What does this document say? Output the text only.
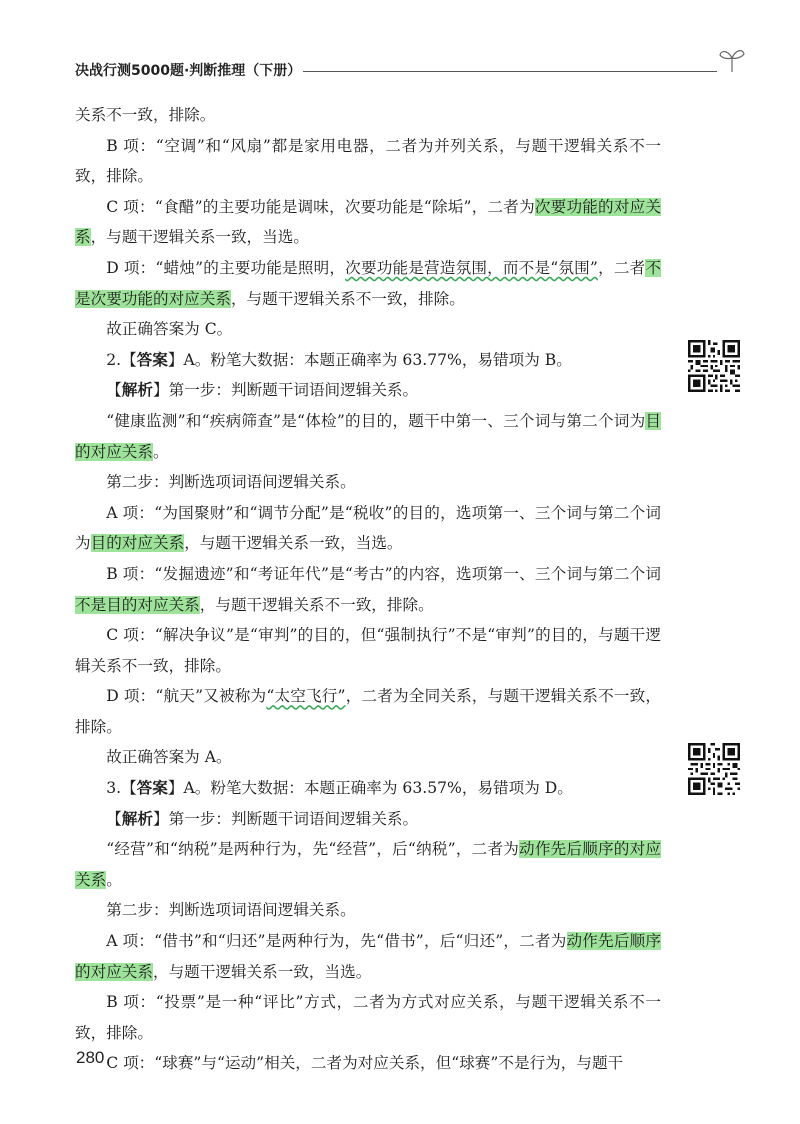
决战行测5000题·判断推理（下册）

关系不一致，排除。

B 项：“空调”和“风扇”都是家用电器，二者为并列关系，与题干逻辑关系不一致，排除。

C 项：“食醋”的主要功能是调味，次要功能是“除垢”，二者为次要功能的对应关系，与题干逻辑关系一致，当选。

D 项：“蜡烛”的主要功能是照明，次要功能是营造氛围，而不是“氛围”，二者不是次要功能的对应关系，与题干逻辑关系不一致，排除。

故正确答案为 C。

2.【答案】A。粉笔大数据：本题正确率为 63.77%，易错项为 B。

【解析】第一步：判断题干词语间逻辑关系。

“健康监测”和“疾病筛查”是“体检”的目的，题干中第一、三个词与第二个词为目的对应关系。

第二步：判断选项词语间逻辑关系。

A 项：“为国聚财”和“调节分配”是“税收”的目的，选项第一、三个词与第二个词为目的对应关系，与题干逻辑关系一致，当选。

B 项：“发掘遗迹”和“考证年代”是“考古”的内容，选项第一、三个词与第二个词不是目的对应关系，与题干逻辑关系不一致，排除。

C 项：“解决争议”是“审判”的目的，但“强制执行”不是“审判”的目的，与题干逻辑关系不一致，排除。

D 项：“航天”又被称为“太空飞行”，二者为全同关系，与题干逻辑关系不一致，排除。

故正确答案为 A。

3.【答案】A。粉笔大数据：本题正确率为 63.57%，易错项为 D。

【解析】第一步：判断题干词语间逻辑关系。

“经营”和“纳税”是两种行为，先“经营”，后“纳税”，二者为动作先后顺序的对应关系。

第二步：判断选项词语间逻辑关系。

A 项：“借书”和“归还”是两种行为，先“借书”，后“归还”，二者为动作先后顺序的对应关系，与题干逻辑关系一致，当选。

B 项：“投票”是一种“评比”方式，二者为方式对应关系，与题干逻辑关系不一致，排除。

C 项：“球赛”与“运动”相关，二者为对应关系，但“球赛”不是行为，与题干

280
